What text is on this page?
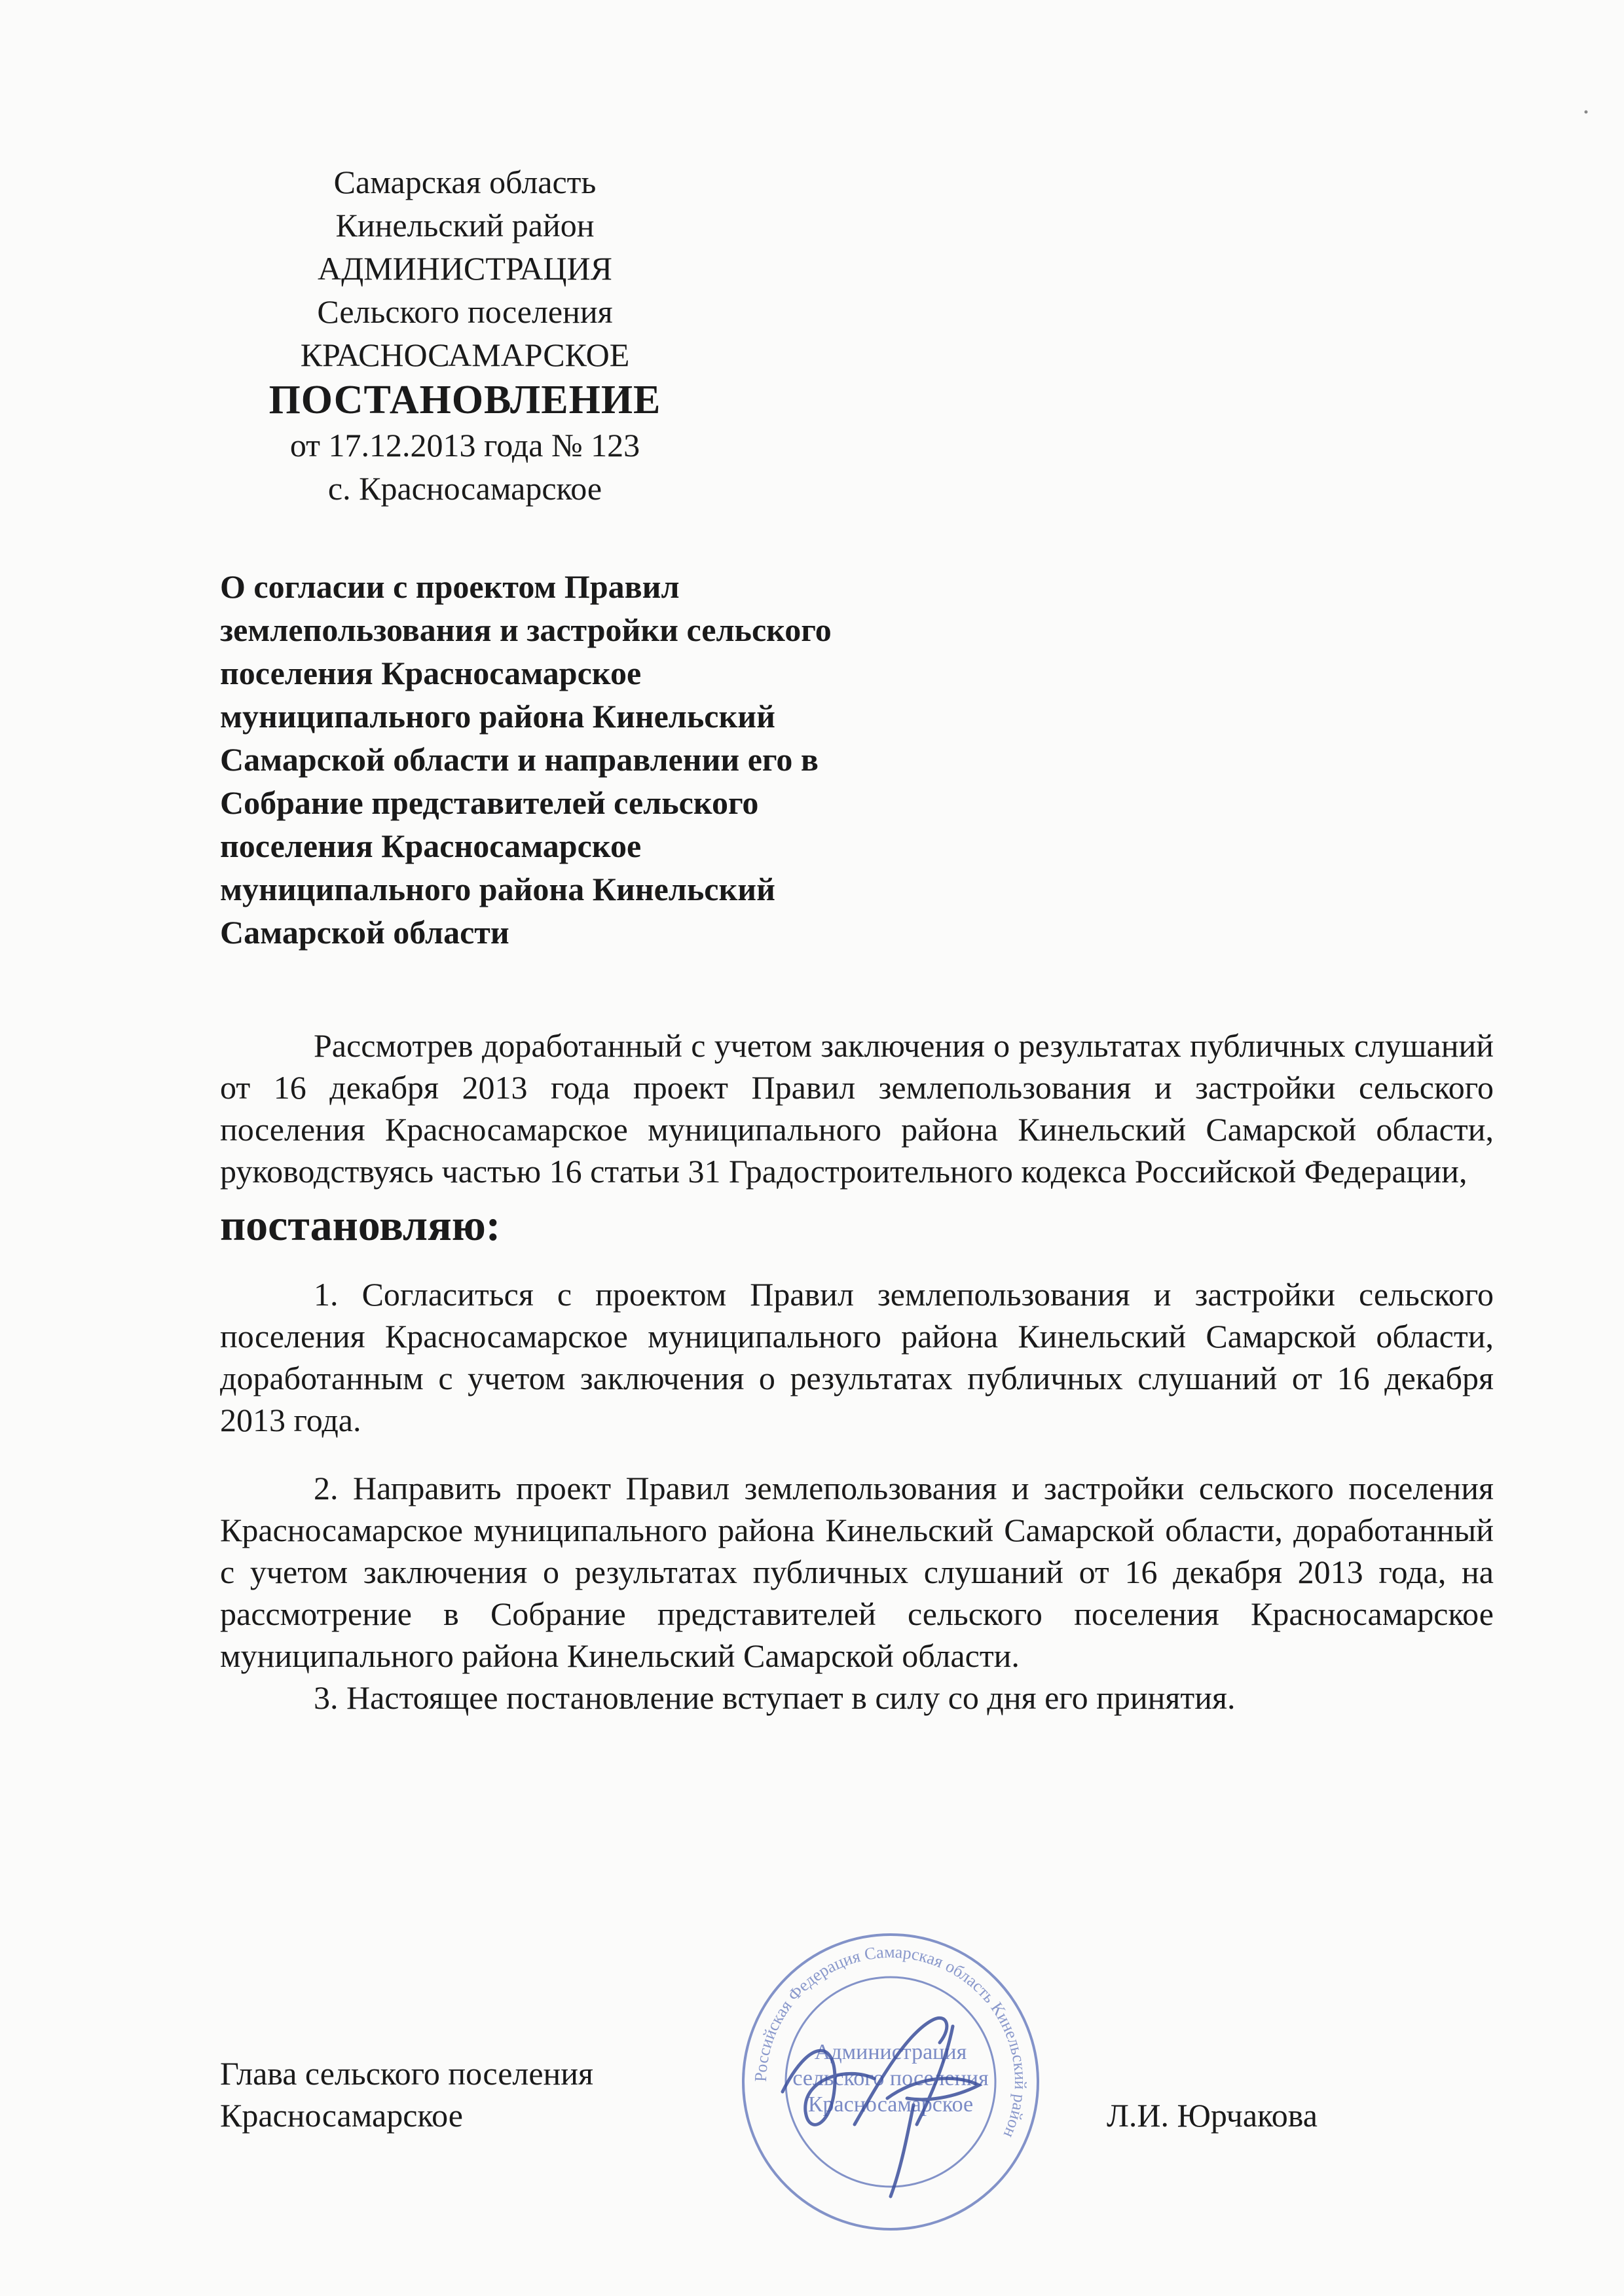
Самарская область
Кинельский район
АДМИНИСТРАЦИЯ
Сельского поселения
КРАСНОСАМАРСКОЕ
ПОСТАНОВЛЕНИЕ
от 17.12.2013 года № 123
с. Красносамарское
О согласии с проектом Правил
землепользования и застройки сельского
поселения Красносамарское
муниципального района Кинельский
Самарской области и направлении его в
Собрание представителей сельского
поселения Красносамарское
муниципального района Кинельский
Самарской области

Рассмотрев доработанный с учетом заключения о результатах публичных слушаний от 16 декабря 2013 года проект Правил землепользования и застройки сельского поселения Красносамарское муниципального района Кинельский Самарской области, руководствуясь частью 16 статьи 31 Градостроительного кодекса Российской Федерации,

постановляю:

1. Согласиться с проектом Правил землепользования и застройки сельского поселения Красносамарское муниципального района Кинельский Самарской области, доработанным с учетом заключения о результатах публичных слушаний от 16 декабря 2013 года.

2. Направить проект Правил землепользования и застройки сельского поселения Красносамарское муниципального района Кинельский Самарской области, доработанный с учетом заключения о результатах публичных слушаний от 16 декабря 2013 года, на рассмотрение в Собрание представителей сельского поселения Красносамарское муниципального района Кинельский Самарской области.

3. Настоящее постановление вступает в силу со дня его принятия.

Глава сельского поселения
Красносамарское
Российская Федерация Самарская область Кинельский район
Администрация
сельского поселения
Красносамарское	Л.И. Юрчакова
